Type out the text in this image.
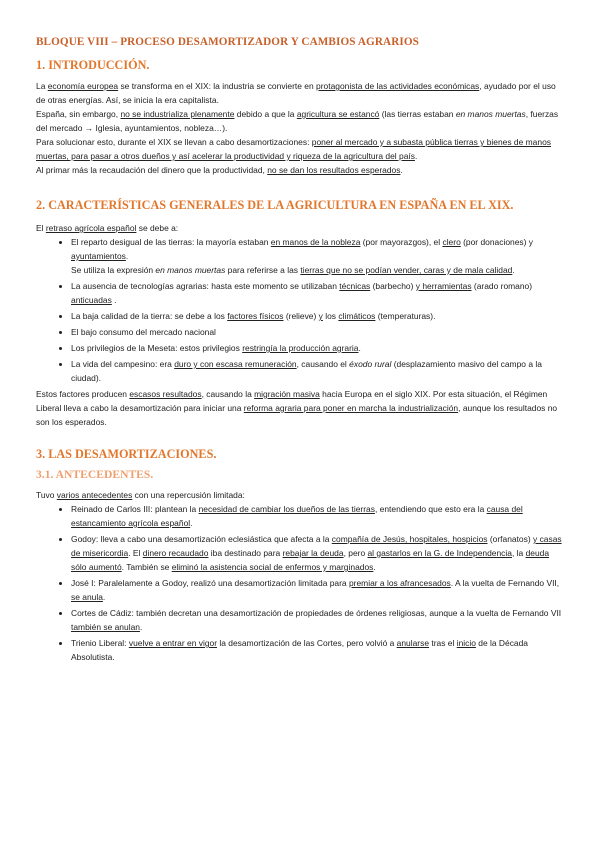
BLOQUE VIII – PROCESO DESAMORTIZADOR Y CAMBIOS AGRARIOS
1. INTRODUCCIÓN.

La economía europea se transforma en el XIX: la industria se convierte en protagonista de las actividades económicas, ayudado por el uso de otras energías. Así, se inicia la era capitalista.

España, sin embargo, no se industrializa plenamente debido a que la agricultura se estancó (las tierras estaban en manos muertas, fuerzas del mercado → Iglesia, ayuntamientos, nobleza…).

Para solucionar esto, durante el XIX se llevan a cabo desamortizaciones: poner al mercado y a subasta pública tierras y bienes de manos muertas, para pasar a otros dueños y así acelerar la productividad y riqueza de la agricultura del país.

Al primar más la recaudación del dinero que la productividad, no se dan los resultados esperados.

2. CARACTERÍSTICAS GENERALES DE LA AGRICULTURA EN ESPAÑA EN EL XIX.

El retraso agrícola español se debe a:

• El reparto desigual de las tierras: la mayoría estaban en manos de la nobleza (por mayorazgos), el clero (por donaciones) y ayuntamientos.
Se utiliza la expresión en manos muertas para referirse a las tierras que no se podían vender, caras y de mala calidad.
• La ausencia de tecnologías agrarias: hasta este momento se utilizaban técnicas (barbecho) y herramientas (arado romano) anticuadas .
• La baja calidad de la tierra: se debe a los factores físicos (relieve) y los climáticos (temperaturas).
• El bajo consumo del mercado nacional
• Los privilegios de la Meseta: estos privilegios restringía la producción agraria.
• La vida del campesino: era duro y con escasa remuneración, causando el éxodo rural (desplazamiento masivo del campo a la ciudad).

Estos factores producen escasos resultados, causando la migración masiva hacia Europa en el siglo XIX. Por esta situación, el Régimen Liberal lleva a cabo la desamortización para iniciar una reforma agraria para poner en marcha la industrialización, aunque los resultados no son los esperados.

3. LAS DESAMORTIZACIONES.
3.1. ANTECEDENTES.

Tuvo varios antecedentes con una repercusión limitada:

• Reinado de Carlos III: plantean la necesidad de cambiar los dueños de las tierras, entendiendo que esto era la causa del estancamiento agrícola español.
• Godoy: lleva a cabo una desamortización eclesiástica que afecta a la compañía de Jesús, hospitales, hospicios (orfanatos) y casas de misericordia. El dinero recaudado iba destinado para rebajar la deuda, pero al gastarlos en la G. de Independencia, la deuda sólo aumentó. También se eliminó la asistencia social de enfermos y marginados.
• José I: Paralelamente a Godoy, realizó una desamortización limitada para premiar a los afrancesados. A la vuelta de Fernando VII, se anula.
• Cortes de Cádiz: también decretan una desamortización de propiedades de órdenes religiosas, aunque a la vuelta de Fernando VII también se anulan.
• Trienio Liberal: vuelve a entrar en vigor la desamortización de las Cortes, pero volvió a anularse tras el inicio de la Década Absolutista.
